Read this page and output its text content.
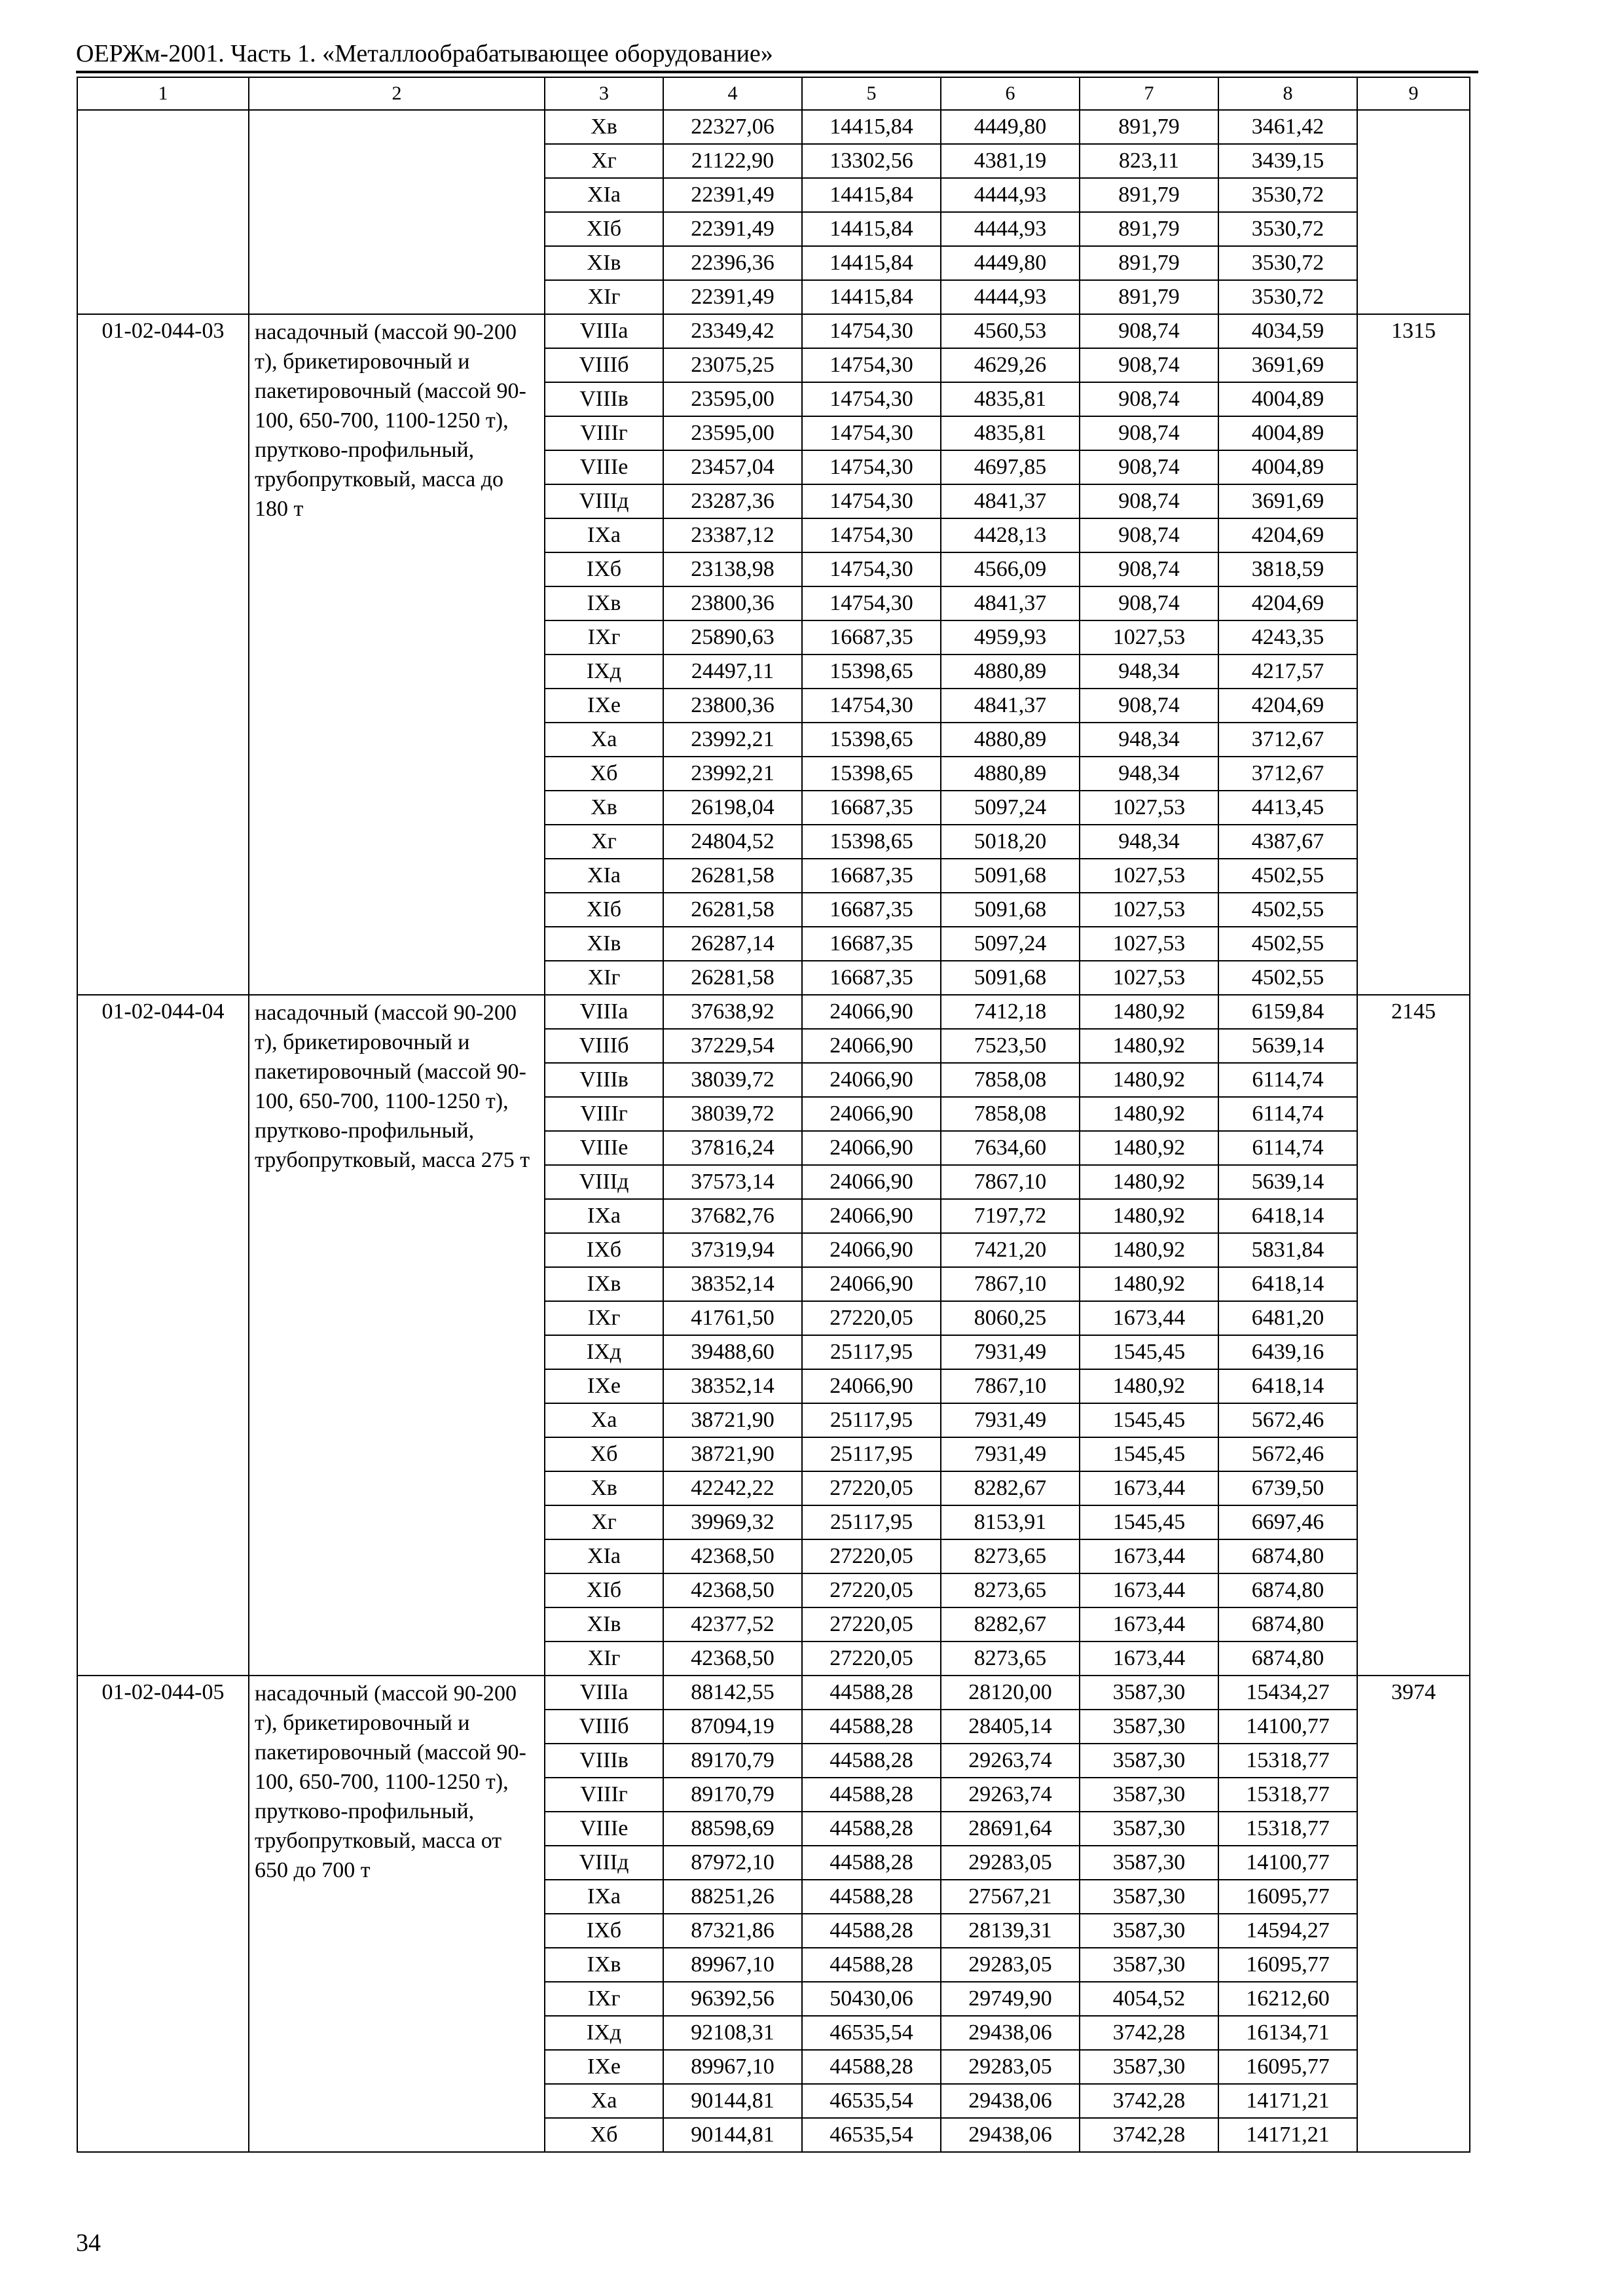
ОЕРЖм-2001. Часть 1. «Металлообрабатывающее оборудование»
1	2	3	4	5	6	7	8	9
		Xв	22327,06	14415,84	4449,80	891,79	3461,42	
		Xг	21122,90	13302,56	4381,19	823,11	3439,15	
		XIа	22391,49	14415,84	4444,93	891,79	3530,72	
		XIб	22391,49	14415,84	4444,93	891,79	3530,72	
		XIв	22396,36	14415,84	4449,80	891,79	3530,72	
		XIг	22391,49	14415,84	4444,93	891,79	3530,72	
01-02-044-03	насадочный (массой 90-200 т), брикетировочный и пакетировочный (массой 90-100, 650-700, 1100-1250 т), прутково-профильный, трубопрутковый, масса до 180 т	VIIIа	23349,42	14754,30	4560,53	908,74	4034,59	1315
		VIIIб	23075,25	14754,30	4629,26	908,74	3691,69	
		VIIIв	23595,00	14754,30	4835,81	908,74	4004,89	
		VIIIг	23595,00	14754,30	4835,81	908,74	4004,89	
		VIIIе	23457,04	14754,30	4697,85	908,74	4004,89	
		VIIIд	23287,36	14754,30	4841,37	908,74	3691,69	
		IXа	23387,12	14754,30	4428,13	908,74	4204,69	
		IXб	23138,98	14754,30	4566,09	908,74	3818,59	
		IXв	23800,36	14754,30	4841,37	908,74	4204,69	
		IXг	25890,63	16687,35	4959,93	1027,53	4243,35	
		IXд	24497,11	15398,65	4880,89	948,34	4217,57	
		IXе	23800,36	14754,30	4841,37	908,74	4204,69	
		Xа	23992,21	15398,65	4880,89	948,34	3712,67	
		Xб	23992,21	15398,65	4880,89	948,34	3712,67	
		Xв	26198,04	16687,35	5097,24	1027,53	4413,45	
		Xг	24804,52	15398,65	5018,20	948,34	4387,67	
		XIа	26281,58	16687,35	5091,68	1027,53	4502,55	
		XIб	26281,58	16687,35	5091,68	1027,53	4502,55	
		XIв	26287,14	16687,35	5097,24	1027,53	4502,55	
		XIг	26281,58	16687,35	5091,68	1027,53	4502,55	
01-02-044-04	насадочный (массой 90-200 т), брикетировочный и пакетировочный (массой 90-100, 650-700, 1100-1250 т), прутково-профильный, трубопрутковый, масса 275 т	VIIIа	37638,92	24066,90	7412,18	1480,92	6159,84	2145
		VIIIб	37229,54	24066,90	7523,50	1480,92	5639,14	
		VIIIв	38039,72	24066,90	7858,08	1480,92	6114,74	
		VIIIг	38039,72	24066,90	7858,08	1480,92	6114,74	
		VIIIе	37816,24	24066,90	7634,60	1480,92	6114,74	
		VIIIд	37573,14	24066,90	7867,10	1480,92	5639,14	
		IXа	37682,76	24066,90	7197,72	1480,92	6418,14	
		IXб	37319,94	24066,90	7421,20	1480,92	5831,84	
		IXв	38352,14	24066,90	7867,10	1480,92	6418,14	
		IXг	41761,50	27220,05	8060,25	1673,44	6481,20	
		IXд	39488,60	25117,95	7931,49	1545,45	6439,16	
		IXе	38352,14	24066,90	7867,10	1480,92	6418,14	
		Xа	38721,90	25117,95	7931,49	1545,45	5672,46	
		Xб	38721,90	25117,95	7931,49	1545,45	5672,46	
		Xв	42242,22	27220,05	8282,67	1673,44	6739,50	
		Xг	39969,32	25117,95	8153,91	1545,45	6697,46	
		XIа	42368,50	27220,05	8273,65	1673,44	6874,80	
		XIб	42368,50	27220,05	8273,65	1673,44	6874,80	
		XIв	42377,52	27220,05	8282,67	1673,44	6874,80	
		XIг	42368,50	27220,05	8273,65	1673,44	6874,80	
01-02-044-05	насадочный (массой 90-200 т), брикетировочный и пакетировочный (массой 90-100, 650-700, 1100-1250 т), прутково-профильный, трубопрутковый, масса от 650 до 700 т	VIIIа	88142,55	44588,28	28120,00	3587,30	15434,27	3974
		VIIIб	87094,19	44588,28	28405,14	3587,30	14100,77	
		VIIIв	89170,79	44588,28	29263,74	3587,30	15318,77	
		VIIIг	89170,79	44588,28	29263,74	3587,30	15318,77	
		VIIIе	88598,69	44588,28	28691,64	3587,30	15318,77	
		VIIIд	87972,10	44588,28	29283,05	3587,30	14100,77	
		IXа	88251,26	44588,28	27567,21	3587,30	16095,77	
		IXб	87321,86	44588,28	28139,31	3587,30	14594,27	
		IXв	89967,10	44588,28	29283,05	3587,30	16095,77	
		IXг	96392,56	50430,06	29749,90	4054,52	16212,60	
		IXд	92108,31	46535,54	29438,06	3742,28	16134,71	
		IXе	89967,10	44588,28	29283,05	3587,30	16095,77	
		Xа	90144,81	46535,54	29438,06	3742,28	14171,21	
		Xб	90144,81	46535,54	29438,06	3742,28	14171,21	
34
